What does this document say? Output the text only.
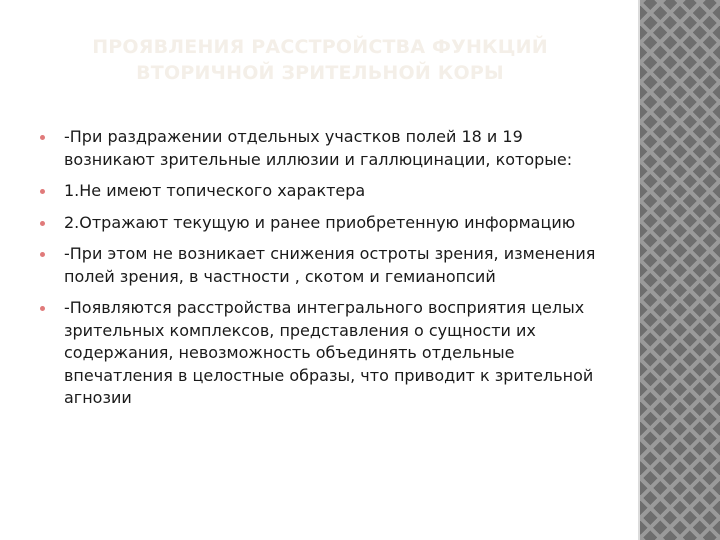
ПРОЯВЛЕНИЯ РАССТРОЙСТВА ФУНКЦИЙ ВТОРИЧНОЙ ЗРИТЕЛЬНОЙ КОРЫ
-При раздражении отдельных участков полей 18 и 19 возникают зрительные иллюзии и галлюцинации, которые:
1.Не имеют топического характера
2.Отражают текущую и ранее приобретенную информацию
-При этом не возникает снижения остроты зрения, изменения полей зрения, в частности , скотом и гемианопсий
-Появляются расстройства интегрального восприятия целых зрительных комплексов, представления о сущности их содержания, невозможность объединять отдельные впечатления в целостные образы, что приводит к зрительной агнозии
